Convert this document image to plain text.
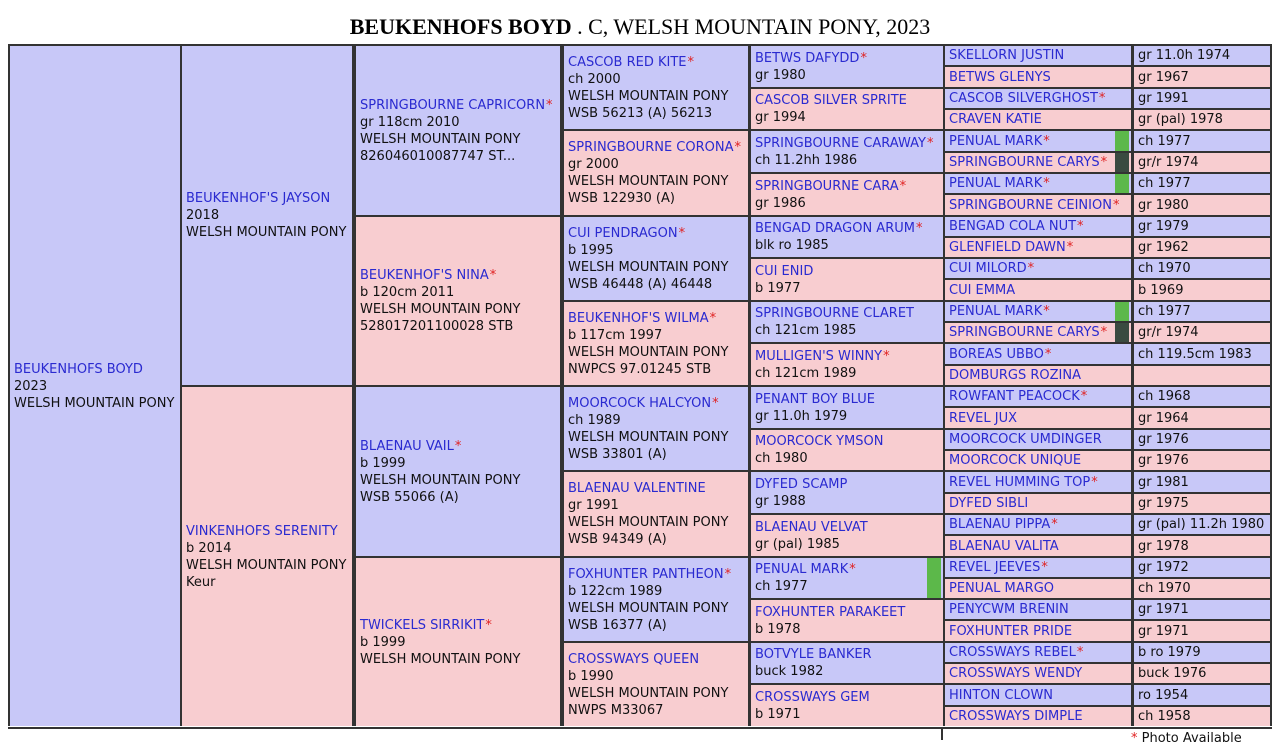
BEUKENHOFS BOYD . C, WELSH MOUNTAIN PONY, 2023
BEUKENHOFS BOYD
2023
WELSH MOUNTAIN PONY
BEUKENHOF'S JAYSON
2018
WELSH MOUNTAIN PONY
VINKENHOFS SERENITY
b 2014
WELSH MOUNTAIN PONY
Keur
SPRINGBOURNE CAPRICORN*
gr 118cm 2010
WELSH MOUNTAIN PONY
826046010087747 ST...
BEUKENHOF'S NINA*
b 120cm 2011
WELSH MOUNTAIN PONY
528017201100028 STB
BLAENAU VAIL*
b 1999
WELSH MOUNTAIN PONY
WSB 55066 (A)
TWICKELS SIRRIKIT*
b 1999
WELSH MOUNTAIN PONY
CASCOB RED KITE*
ch 2000
WELSH MOUNTAIN PONY
WSB 56213 (A) 56213
SPRINGBOURNE CORONA*
gr 2000
WELSH MOUNTAIN PONY
WSB 122930 (A)
CUI PENDRAGON*
b 1995
WELSH MOUNTAIN PONY
WSB 46448 (A) 46448
BEUKENHOF'S WILMA*
b 117cm 1997
WELSH MOUNTAIN PONY
NWPCS 97.01245 STB
MOORCOCK HALCYON*
ch 1989
WELSH MOUNTAIN PONY
WSB 33801 (A)
BLAENAU VALENTINE
gr 1991
WELSH MOUNTAIN PONY
WSB 94349 (A)
FOXHUNTER PANTHEON*
b 122cm 1989
WELSH MOUNTAIN PONY
WSB 16377 (A)
CROSSWAYS QUEEN
b 1990
WELSH MOUNTAIN PONY
NWPS M33067
BETWS DAFYDD*
gr 1980
CASCOB SILVER SPRITE
gr 1994
SPRINGBOURNE CARAWAY*
ch 11.2hh 1986
SPRINGBOURNE CARA*
gr 1986
BENGAD DRAGON ARUM*
blk ro 1985
CUI ENID
b 1977
SPRINGBOURNE CLARET
ch 121cm 1985
MULLIGEN'S WINNY*
ch 121cm 1989
PENANT BOY BLUE
gr 11.0h 1979
MOORCOCK YMSON
ch 1980
DYFED SCAMP
gr 1988
BLAENAU VELVAT
gr (pal) 1985
PENUAL MARK*
ch 1977
FOXHUNTER PARAKEET
b 1978
BOTVYLE BANKER
buck 1982
CROSSWAYS GEM
b 1971
SKELLORN JUSTIN	gr 11.0h 1974
BETWS GLENYS	gr 1967
CASCOB SILVERGHOST*	gr 1991
CRAVEN KATIE	gr (pal) 1978
PENUAL MARK*	ch 1977
SPRINGBOURNE CARYS*	gr/r 1974
PENUAL MARK*	ch 1977
SPRINGBOURNE CEINION*	gr 1980
BENGAD COLA NUT*	gr 1979
GLENFIELD DAWN*	gr 1962
CUI MILORD*	ch 1970
CUI EMMA	b 1969
PENUAL MARK*	ch 1977
SPRINGBOURNE CARYS*	gr/r 1974
BOREAS UBBO*	ch 119.5cm 1983
DOMBURGS ROZINA
ROWFANT PEACOCK*	ch 1968
REVEL JUX	gr 1964
MOORCOCK UMDINGER	gr 1976
MOORCOCK UNIQUE	gr 1976
REVEL HUMMING TOP*	gr 1981
DYFED SIBLI	gr 1975
BLAENAU PIPPA*	gr (pal) 11.2h 1980
BLAENAU VALITA	gr 1978
REVEL JEEVES*	gr 1972
PENUAL MARGO	ch 1970
PENYCWM BRENIN	gr 1971
FOXHUNTER PRIDE	gr 1971
CROSSWAYS REBEL*	b ro 1979
CROSSWAYS WENDY	buck 1976
HINTON CLOWN	ro 1954
CROSSWAYS DIMPLE	ch 1958
* Photo Available
